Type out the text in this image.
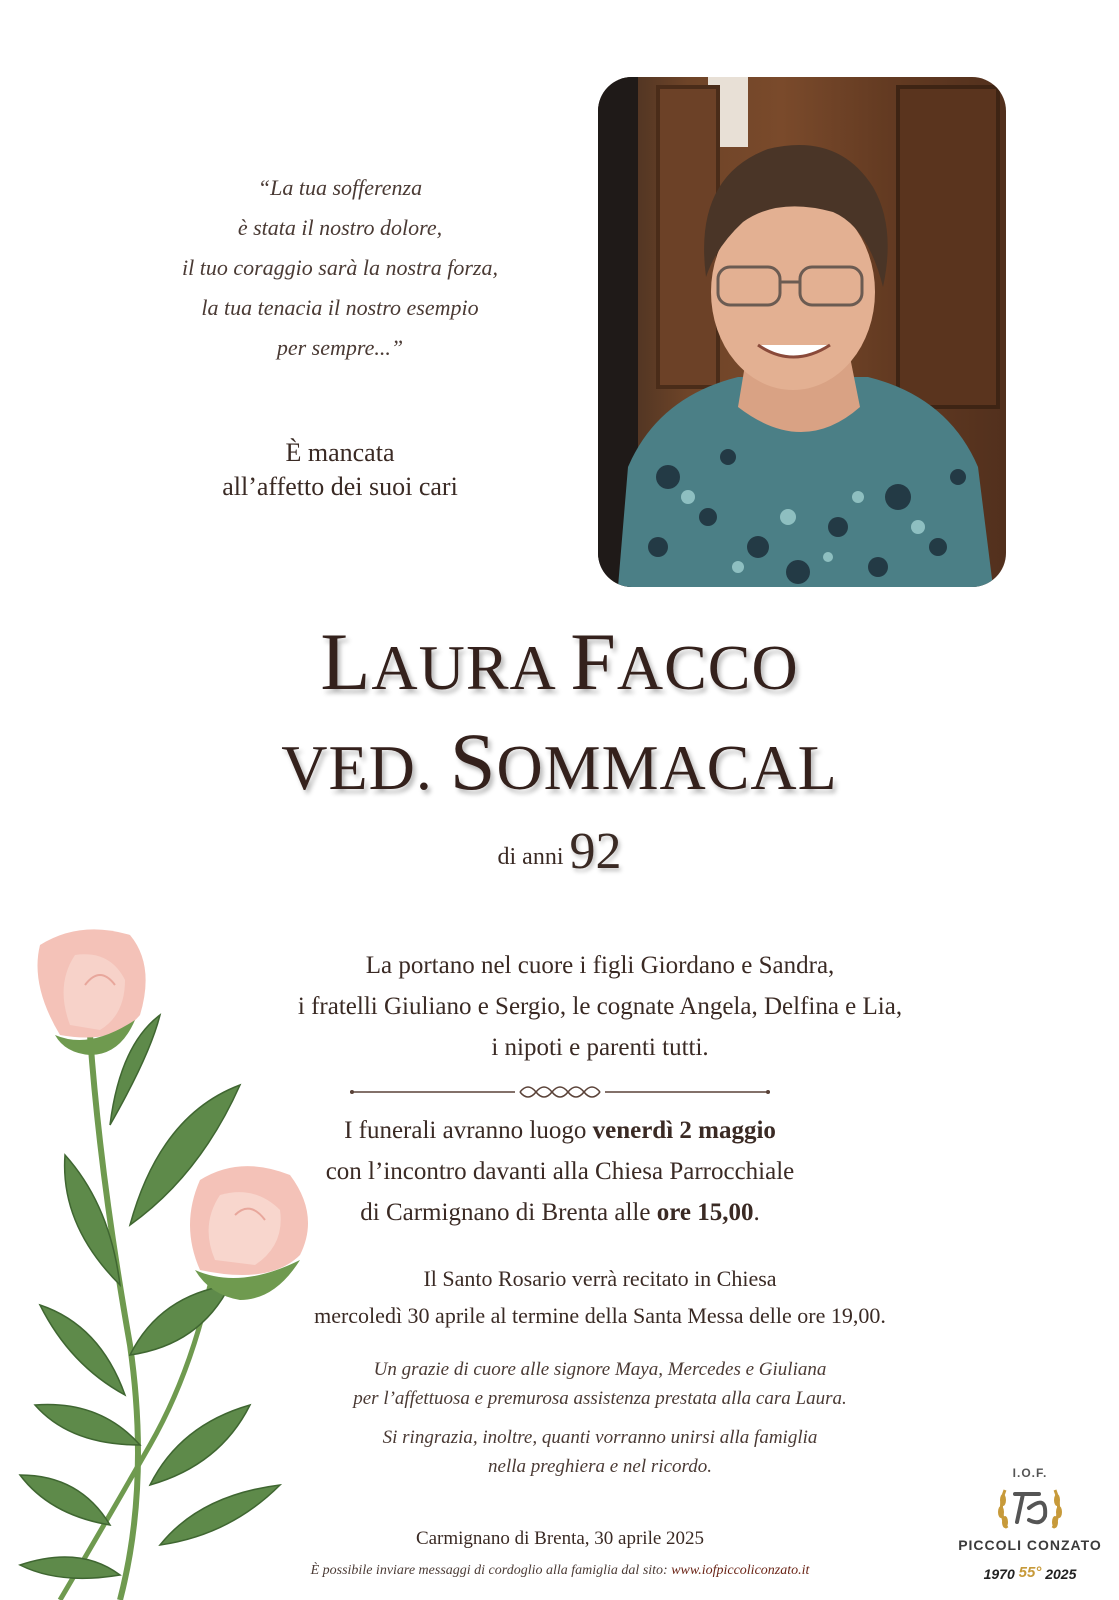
“La tua sofferenza
è stata il nostro dolore,
il tuo coraggio sarà la nostra forza,
la tua tenacia il nostro esempio
per sempre...”
È mancata
all’affetto dei suoi cari
LAURA FACCO
VED. SOMMACAL
di anni 92
La portano nel cuore i figli Giordano e Sandra,
i fratelli Giuliano e Sergio, le cognate Angela, Delfina e Lia,
i nipoti e parenti tutti.
I funerali avranno luogo venerdì 2 maggio
con l’incontro davanti alla Chiesa Parrocchiale
di Carmignano di Brenta alle ore 15,00.
Il Santo Rosario verrà recitato in Chiesa
mercoledì 30 aprile al termine della Santa Messa delle ore 19,00.
Un grazie di cuore alle signore Maya, Mercedes e Giuliana
per l’affettuosa e premurosa assistenza prestata alla cara Laura.
Si ringrazia, inoltre, quanti vorranno unirsi alla famiglia
nella preghiera e nel ricordo.
Carmignano di Brenta, 30 aprile 2025
È possibile inviare messaggi di cordoglio alla famiglia dal sito: www.iofpiccoliconzato.it
I.O.F.
PICCOLI CONZATO
1970 55° 2025
